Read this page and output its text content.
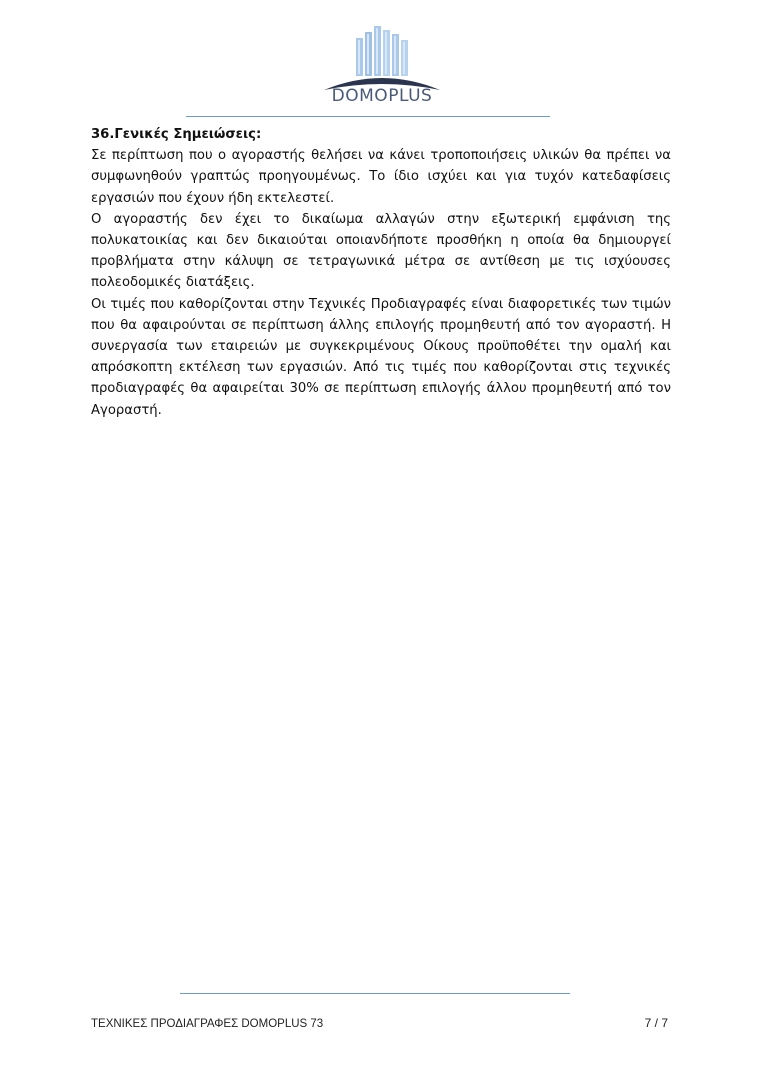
DOMOPLUS

36.Γενικές Σημειώσεις:

Σε περίπτωση που ο αγοραστής θελήσει να κάνει τροποποιήσεις υλικών θα πρέπει να συμφωνηθούν γραπτώς προηγουμένως. Το ίδιο ισχύει και για τυχόν κατεδαφίσεις εργασιών που έχουν ήδη εκτελεστεί.

Ο αγοραστής δεν έχει το δικαίωμα αλλαγών στην εξωτερική εμφάνιση της πολυκατοικίας και δεν δικαιούται οποιανδήποτε προσθήκη η οποία θα δημιουργεί προβλήματα στην κάλυψη σε τετραγωνικά μέτρα σε αντίθεση με τις ισχύουσες πολεοδομικές διατάξεις.

Οι τιμές που καθορίζονται στην Τεχνικές Προδιαγραφές είναι διαφορετικές των τιμών που θα αφαιρούνται σε περίπτωση άλλης επιλογής προμηθευτή από τον αγοραστή. Η συνεργασία των εταιρειών με συγκεκριμένους Οίκους προϋποθέτει την ομαλή και απρόσκοπτη εκτέλεση των εργασιών. Από τις τιμές που καθορίζονται στις τεχνικές προδιαγραφές θα αφαιρείται 30% σε περίπτωση επιλογής άλλου προμηθευτή από τον Αγοραστή.

ΤΕΧΝΙΚΕΣ ΠΡΟΔΙΑΓΡΑΦΕΣ DOMOPLUS 73	7 / 7
